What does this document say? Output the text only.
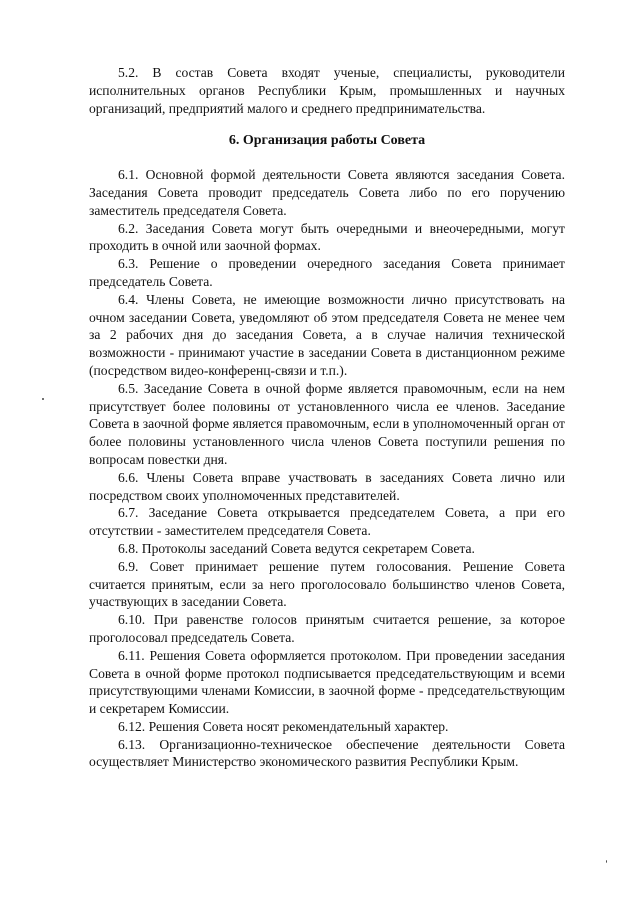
5.2. В состав Совета входят ученые, специалисты, руководители исполнительных органов Республики Крым, промышленных и научных организаций, предприятий малого и среднего предпринимательства.

6. Организация работы Совета

6.1. Основной формой деятельности Совета являются заседания Совета. Заседания Совета проводит председатель Совета либо по его поручению заместитель председателя Совета.

6.2. Заседания Совета могут быть очередными и внеочередными, могут проходить в очной или заочной формах.

6.3. Решение о проведении очередного заседания Совета принимает председатель Совета.

6.4. Члены Совета, не имеющие возможности лично присутствовать на очном заседании Совета, уведомляют об этом председателя Совета не менее чем за 2 рабочих дня до заседания Совета, а в случае наличия технической возможности - принимают участие в заседании Совета в дистанционном режиме (посредством видео-конференц-связи и т.п.).

6.5. Заседание Совета в очной форме является правомочным, если на нем присутствует более половины от установленного числа ее членов. Заседание Совета в заочной форме является правомочным, если в уполномоченный орган от более половины установленного числа членов Совета поступили решения по вопросам повестки дня.

6.6. Члены Совета вправе участвовать в заседаниях Совета лично или посредством своих уполномоченных представителей.

6.7. Заседание Совета открывается председателем Совета, а при его отсутствии - заместителем председателя Совета.

6.8. Протоколы заседаний Совета ведутся секретарем Совета.

6.9. Совет принимает решение путем голосования. Решение Совета считается принятым, если за него проголосовало большинство членов Совета, участвующих в заседании Совета.

6.10. При равенстве голосов принятым считается решение, за которое проголосовал председатель Совета.

6.11. Решения Совета оформляется протоколом. При проведении заседания Совета в очной форме протокол подписывается председательствующим и всеми присутствующими членами Комиссии, в заочной форме - председательствующим и секретарем Комиссии.

6.12. Решения Совета носят рекомендательный характер.

6.13. Организационно-техническое обеспечение деятельности Совета осуществляет Министерство экономического развития Республики Крым.
